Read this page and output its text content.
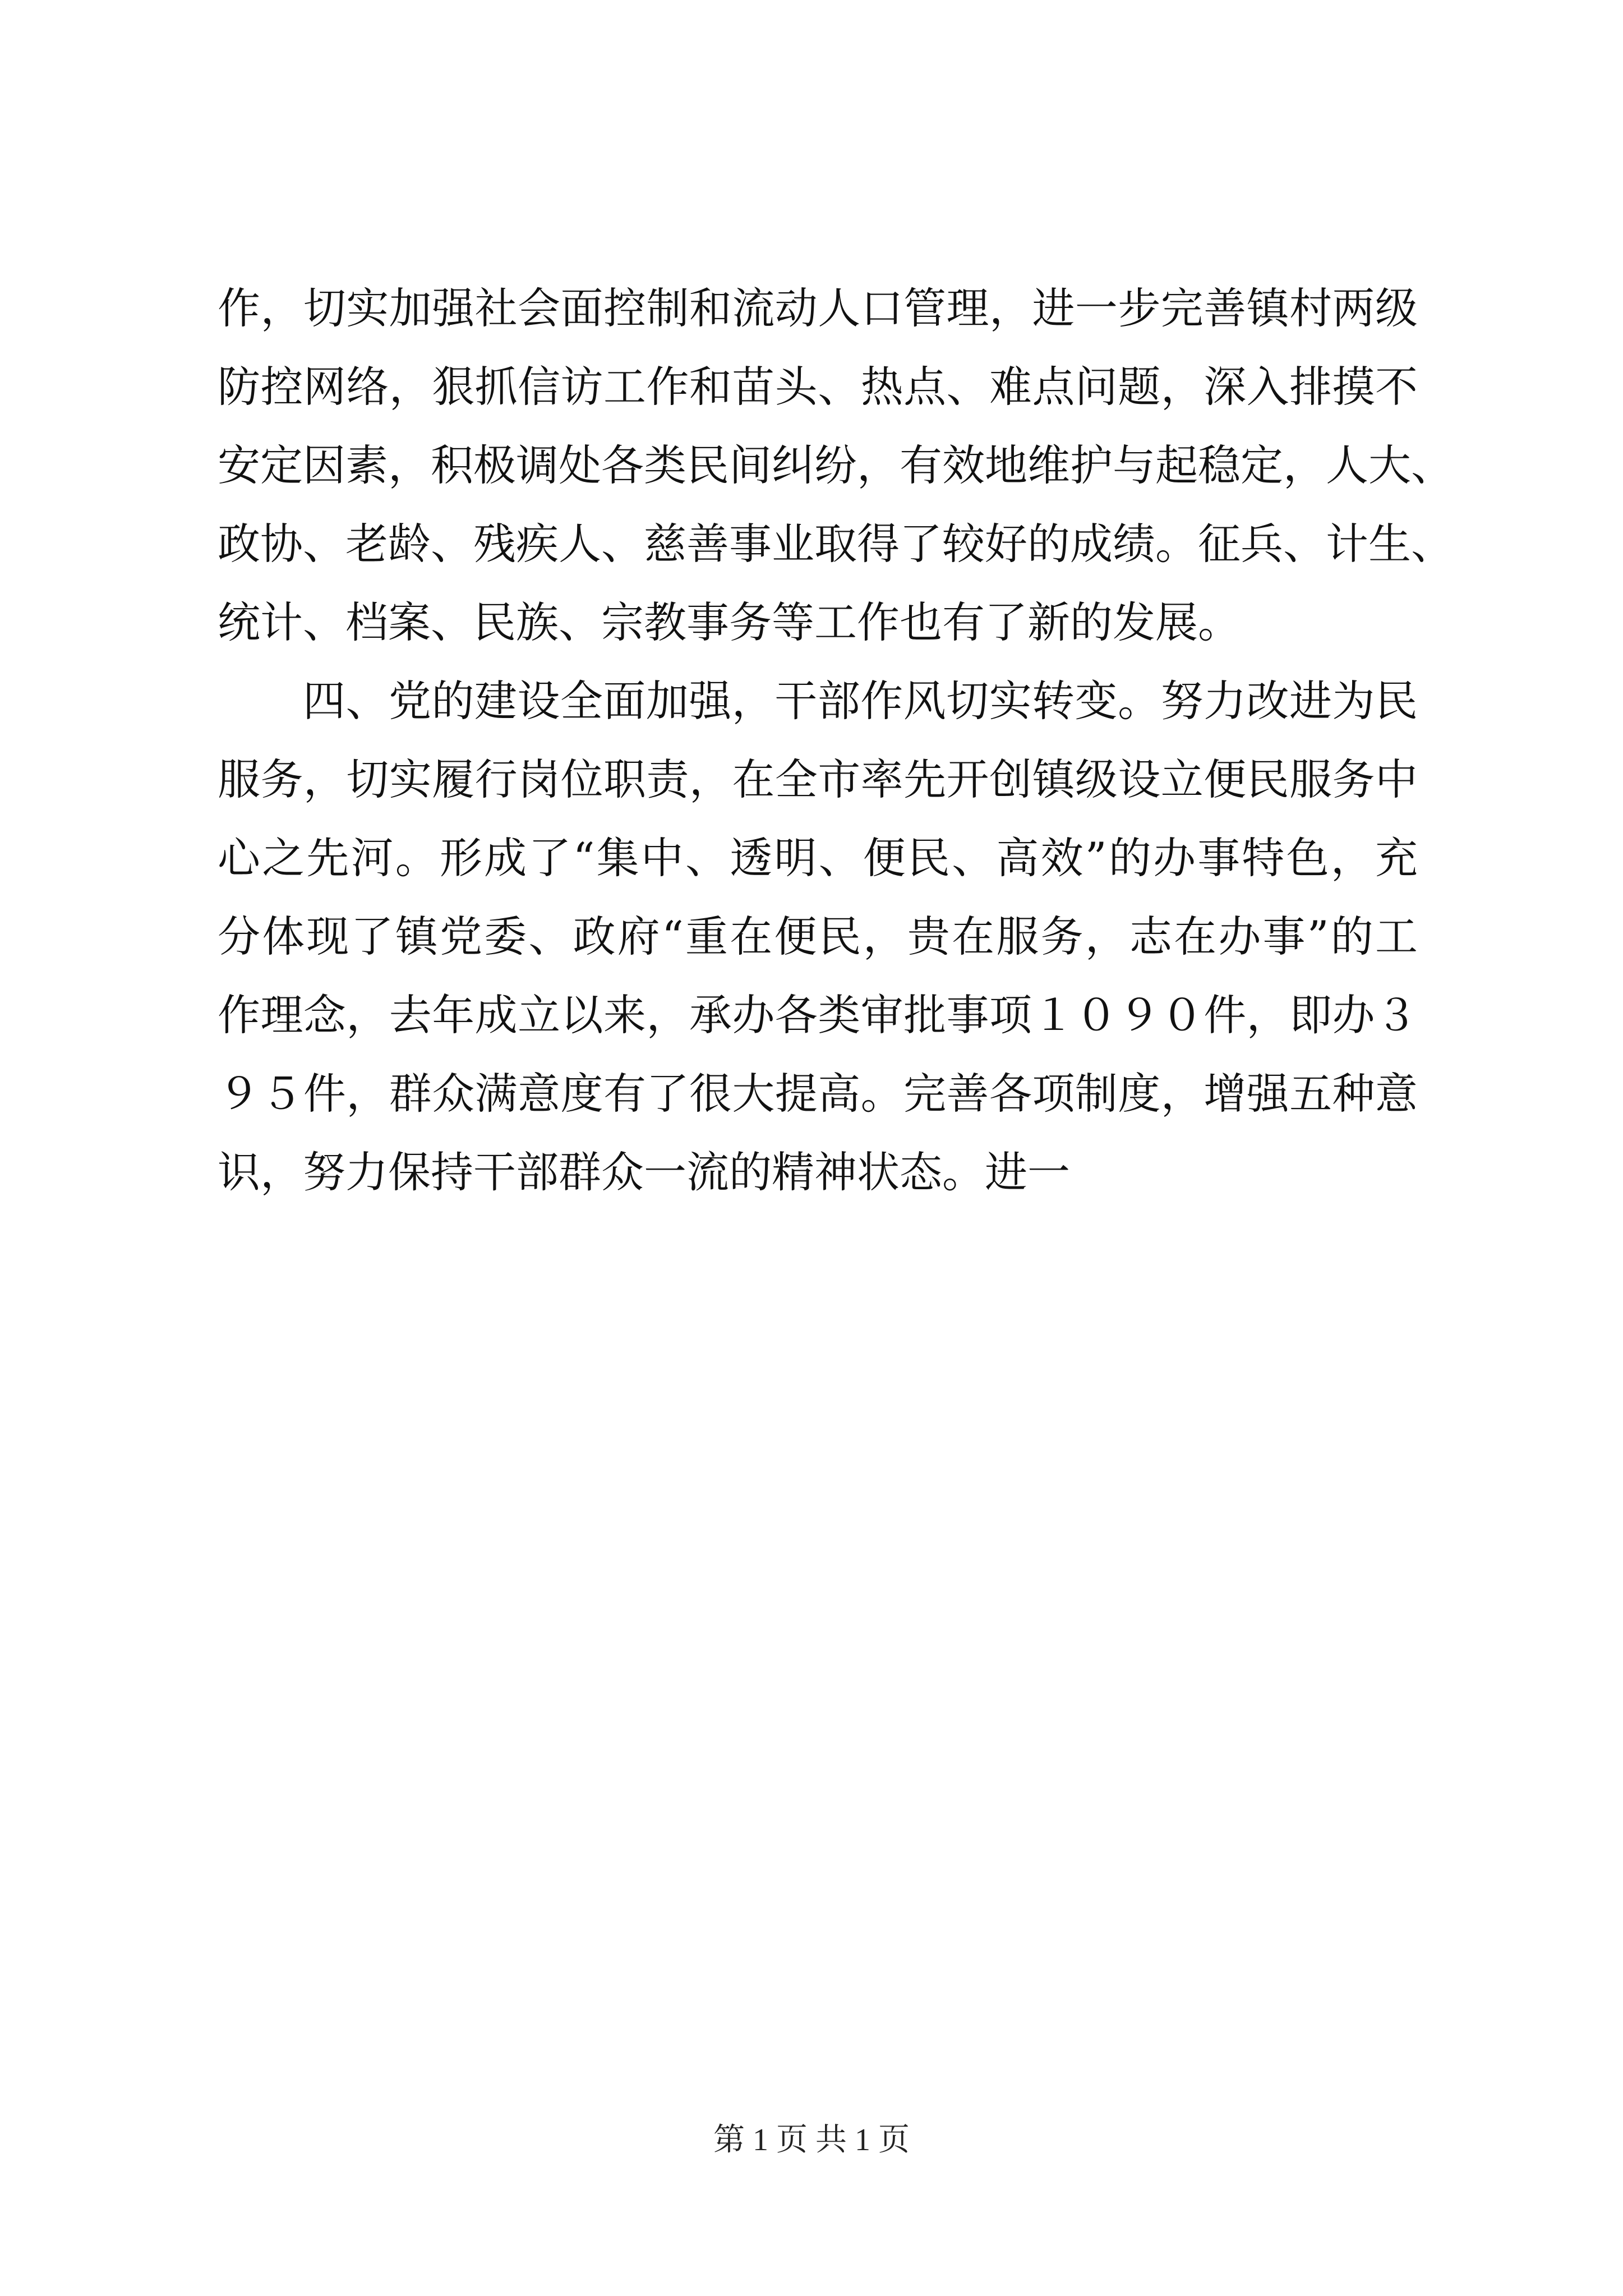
作，切实加强社会面控制和流动人口管理，进一步完善镇村两级
防控网络，狠抓信访工作和苗头、热点、难点问题，深入排摸不
安定因素，积极调处各类民间纠纷，有效地维护与起稳定，人大、
政协、老龄、残疾人、慈善事业取得了较好的成绩。征兵、计生、
统计、档案、民族、宗教事务等工作也有了新的发展。
四、党的建设全面加强，干部作风切实转变。努力改进为民
服务，切实履行岗位职责，在全市率先开创镇级设立便民服务中
心之先河。形成了“集中、透明、便民、高效”的办事特色，充
分体现了镇党委、政府“重在便民，贵在服务，志在办事”的工
作理念，去年成立以来，承办各类审批事项１０９０件，即办３
９５件，群众满意度有了很大提高。完善各项制度，增强五种意
识，努力保持干部群众一流的精神状态。进一
第 1 页 共 1 页
